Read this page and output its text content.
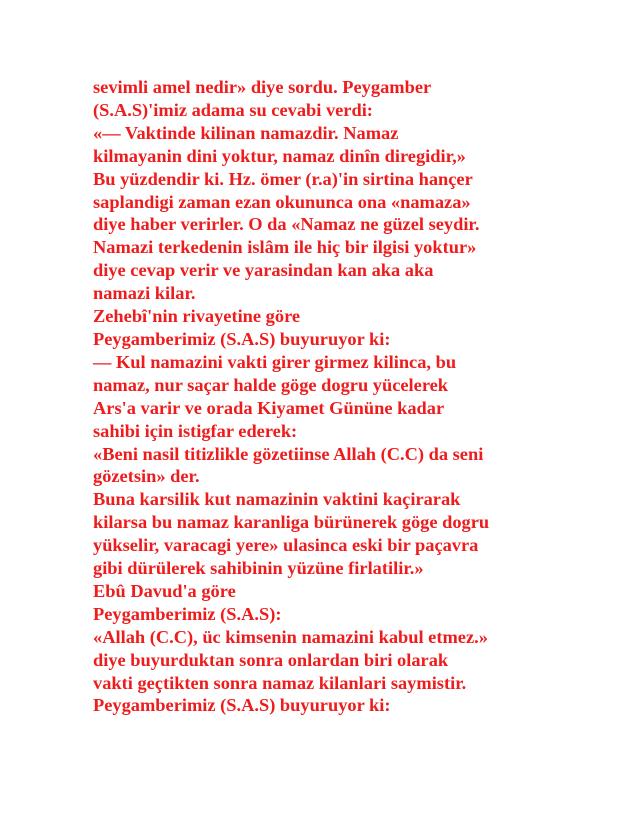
sevimli amel nedir» diye sordu. Peygamber
(S.A.S)'imiz adama su cevabi verdi:
«— Vaktinde kilinan namazdir. Namaz
kilmayanin dini yoktur, namaz dinîn diregidir,»
Bu yüzdendir ki. Hz. ömer (r.a)'in sirtina hançer
saplandigi zaman ezan okununca ona «namaza»
diye haber verirler. O da «Namaz ne güzel seydir.
Namazi terkedenin islâm ile hiç bir ilgisi yoktur»
diye cevap verir ve yarasindan kan aka aka
namazi kilar.
Zehebî'nin rivayetine göre
Peygamberimiz (S.A.S) buyuruyor ki:
— Kul namazini vakti girer girmez kilinca, bu
namaz, nur saçar halde göge dogru yücelerek
Ars'a varir ve orada Kiyamet Gününe kadar
sahibi için istigfar ederek:
«Beni nasil titizlikle gözetiinse Allah (C.C) da seni
gözetsin» der.
Buna karsilik kut namazinin vaktini kaçirarak
kilarsa bu namaz karanliga bürünerek göge dogru
yükselir, varacagi yere» ulasinca eski bir paçavra
gibi dürülerek sahibinin yüzüne firlatilir.»
Ebû Davud'a göre
Peygamberimiz (S.A.S):
«Allah (C.C), üc kimsenin namazini kabul etmez.»
diye buyurduktan sonra onlardan biri olarak
vakti geçtikten sonra namaz kilanlari saymistir.
Peygamberimiz (S.A.S) buyuruyor ki:
